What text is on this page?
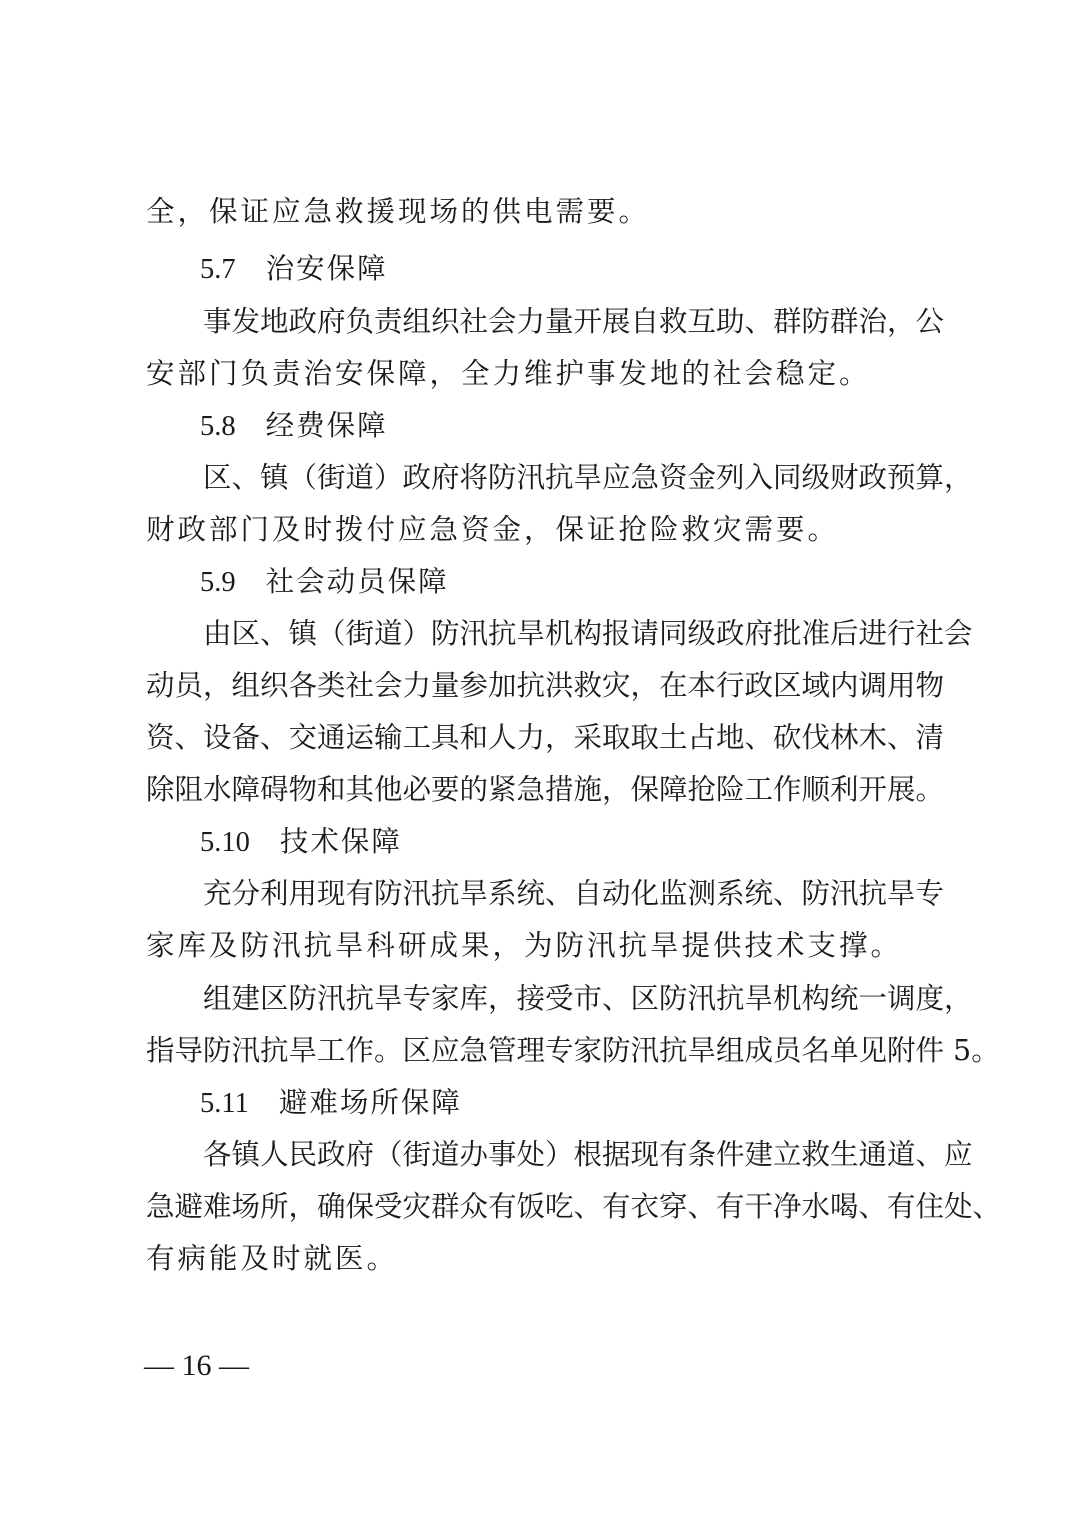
全，保证应急救援现场的供电需要。
5.7 治安保障
事发地政府负责组织社会力量开展自救互助、群防群治，公
安部门负责治安保障，全力维护事发地的社会稳定。
5.8 经费保障
区、镇（街道）政府将防汛抗旱应急资金列入同级财政预算，
财政部门及时拨付应急资金，保证抢险救灾需要。
5.9 社会动员保障
由区、镇（街道）防汛抗旱机构报请同级政府批准后进行社会
动员，组织各类社会力量参加抗洪救灾，在本行政区域内调用物
资、设备、交通运输工具和人力，采取取土占地、砍伐林木、清
除阻水障碍物和其他必要的紧急措施，保障抢险工作顺利开展。
5.10 技术保障
充分利用现有防汛抗旱系统、自动化监测系统、防汛抗旱专
家库及防汛抗旱科研成果，为防汛抗旱提供技术支撑。
组建区防汛抗旱专家库，接受市、区防汛抗旱机构统一调度，
指导防汛抗旱工作。区应急管理专家防汛抗旱组成员名单见附件 5。
5.11 避难场所保障
各镇人民政府（街道办事处）根据现有条件建立救生通道、应
急避难场所，确保受灾群众有饭吃、有衣穿、有干净水喝、有住处、
有病能及时就医。
— 16 —
